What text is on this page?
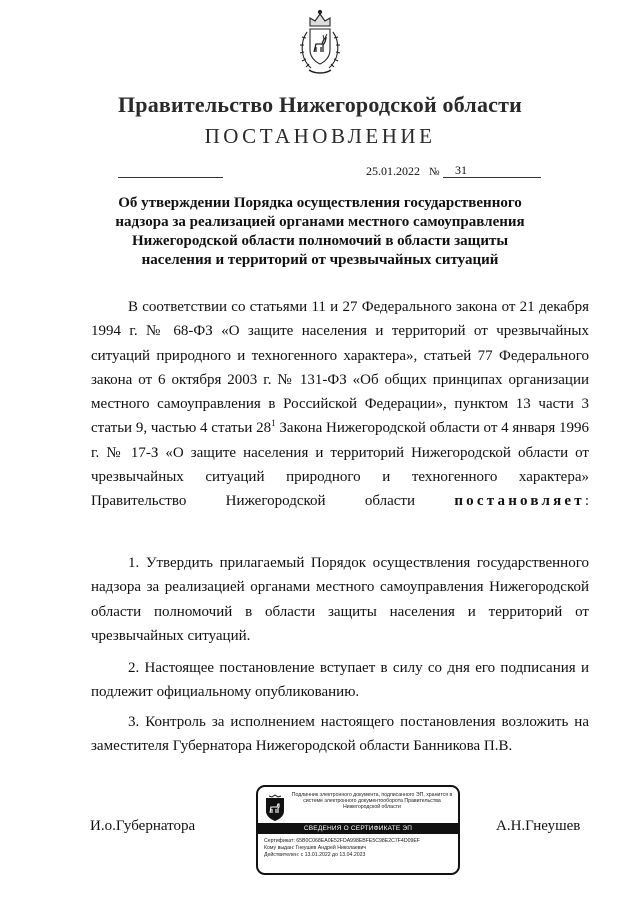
Правительство Нижегородской области
ПОСТАНОВЛЕНИЕ
25.01.2022 №	31
Об утверждении Порядка осуществления государственного надзора за реализацией органами местного самоуправления Нижегородской области полномочий в области защиты населения и территорий от чрезвычайных ситуаций
В соответствии со статьями 11 и 27 Федерального закона от 21 декабря 1994 г. № 68-ФЗ «О защите населения и территорий от чрезвычайных ситуаций природного и техногенного характера», статьей 77 Федерального закона от 6 октября 2003 г. № 131-ФЗ «Об общих принципах организации местного самоуправления в Российской Федерации», пунктом 13 части 3 статьи 9, частью 4 статьи $28^1$ Закона Нижегородской области от 4 января 1996 г. № 17-З «О защите населения и территорий Нижегородской области от чрезвычайных ситуаций природного и техногенного характера» Правительство Нижегородской области постановляет:
1. Утвердить прилагаемый Порядок осуществления государственного надзора за реализацией органами местного самоуправления Нижегородской области полномочий в области защиты населения и территорий от чрезвычайных ситуаций.
2. Настоящее постановление вступает в силу со дня его подписания и подлежит официальному опубликованию.
3. Контроль за исполнением настоящего постановления возложить на заместителя Губернатора Нижегородской области Банникова П.В.
И.о.Губернатора	А.Н.Гнеушев
Подлинник электронного документа, подписанного ЭП, хранится в системе электронного документооборота Правительства Нижегородской области
СВЕДЕНИЯ О СЕРТИФИКАТЕ ЭП
Сертификат: 65B0C068EA0E52FDA998EBFE5C98E2C7F4D09EF
Кому выдан: Гнеушев Андрей Николаевич
Действителен: с 13.01.2022 до 13.04.2023
